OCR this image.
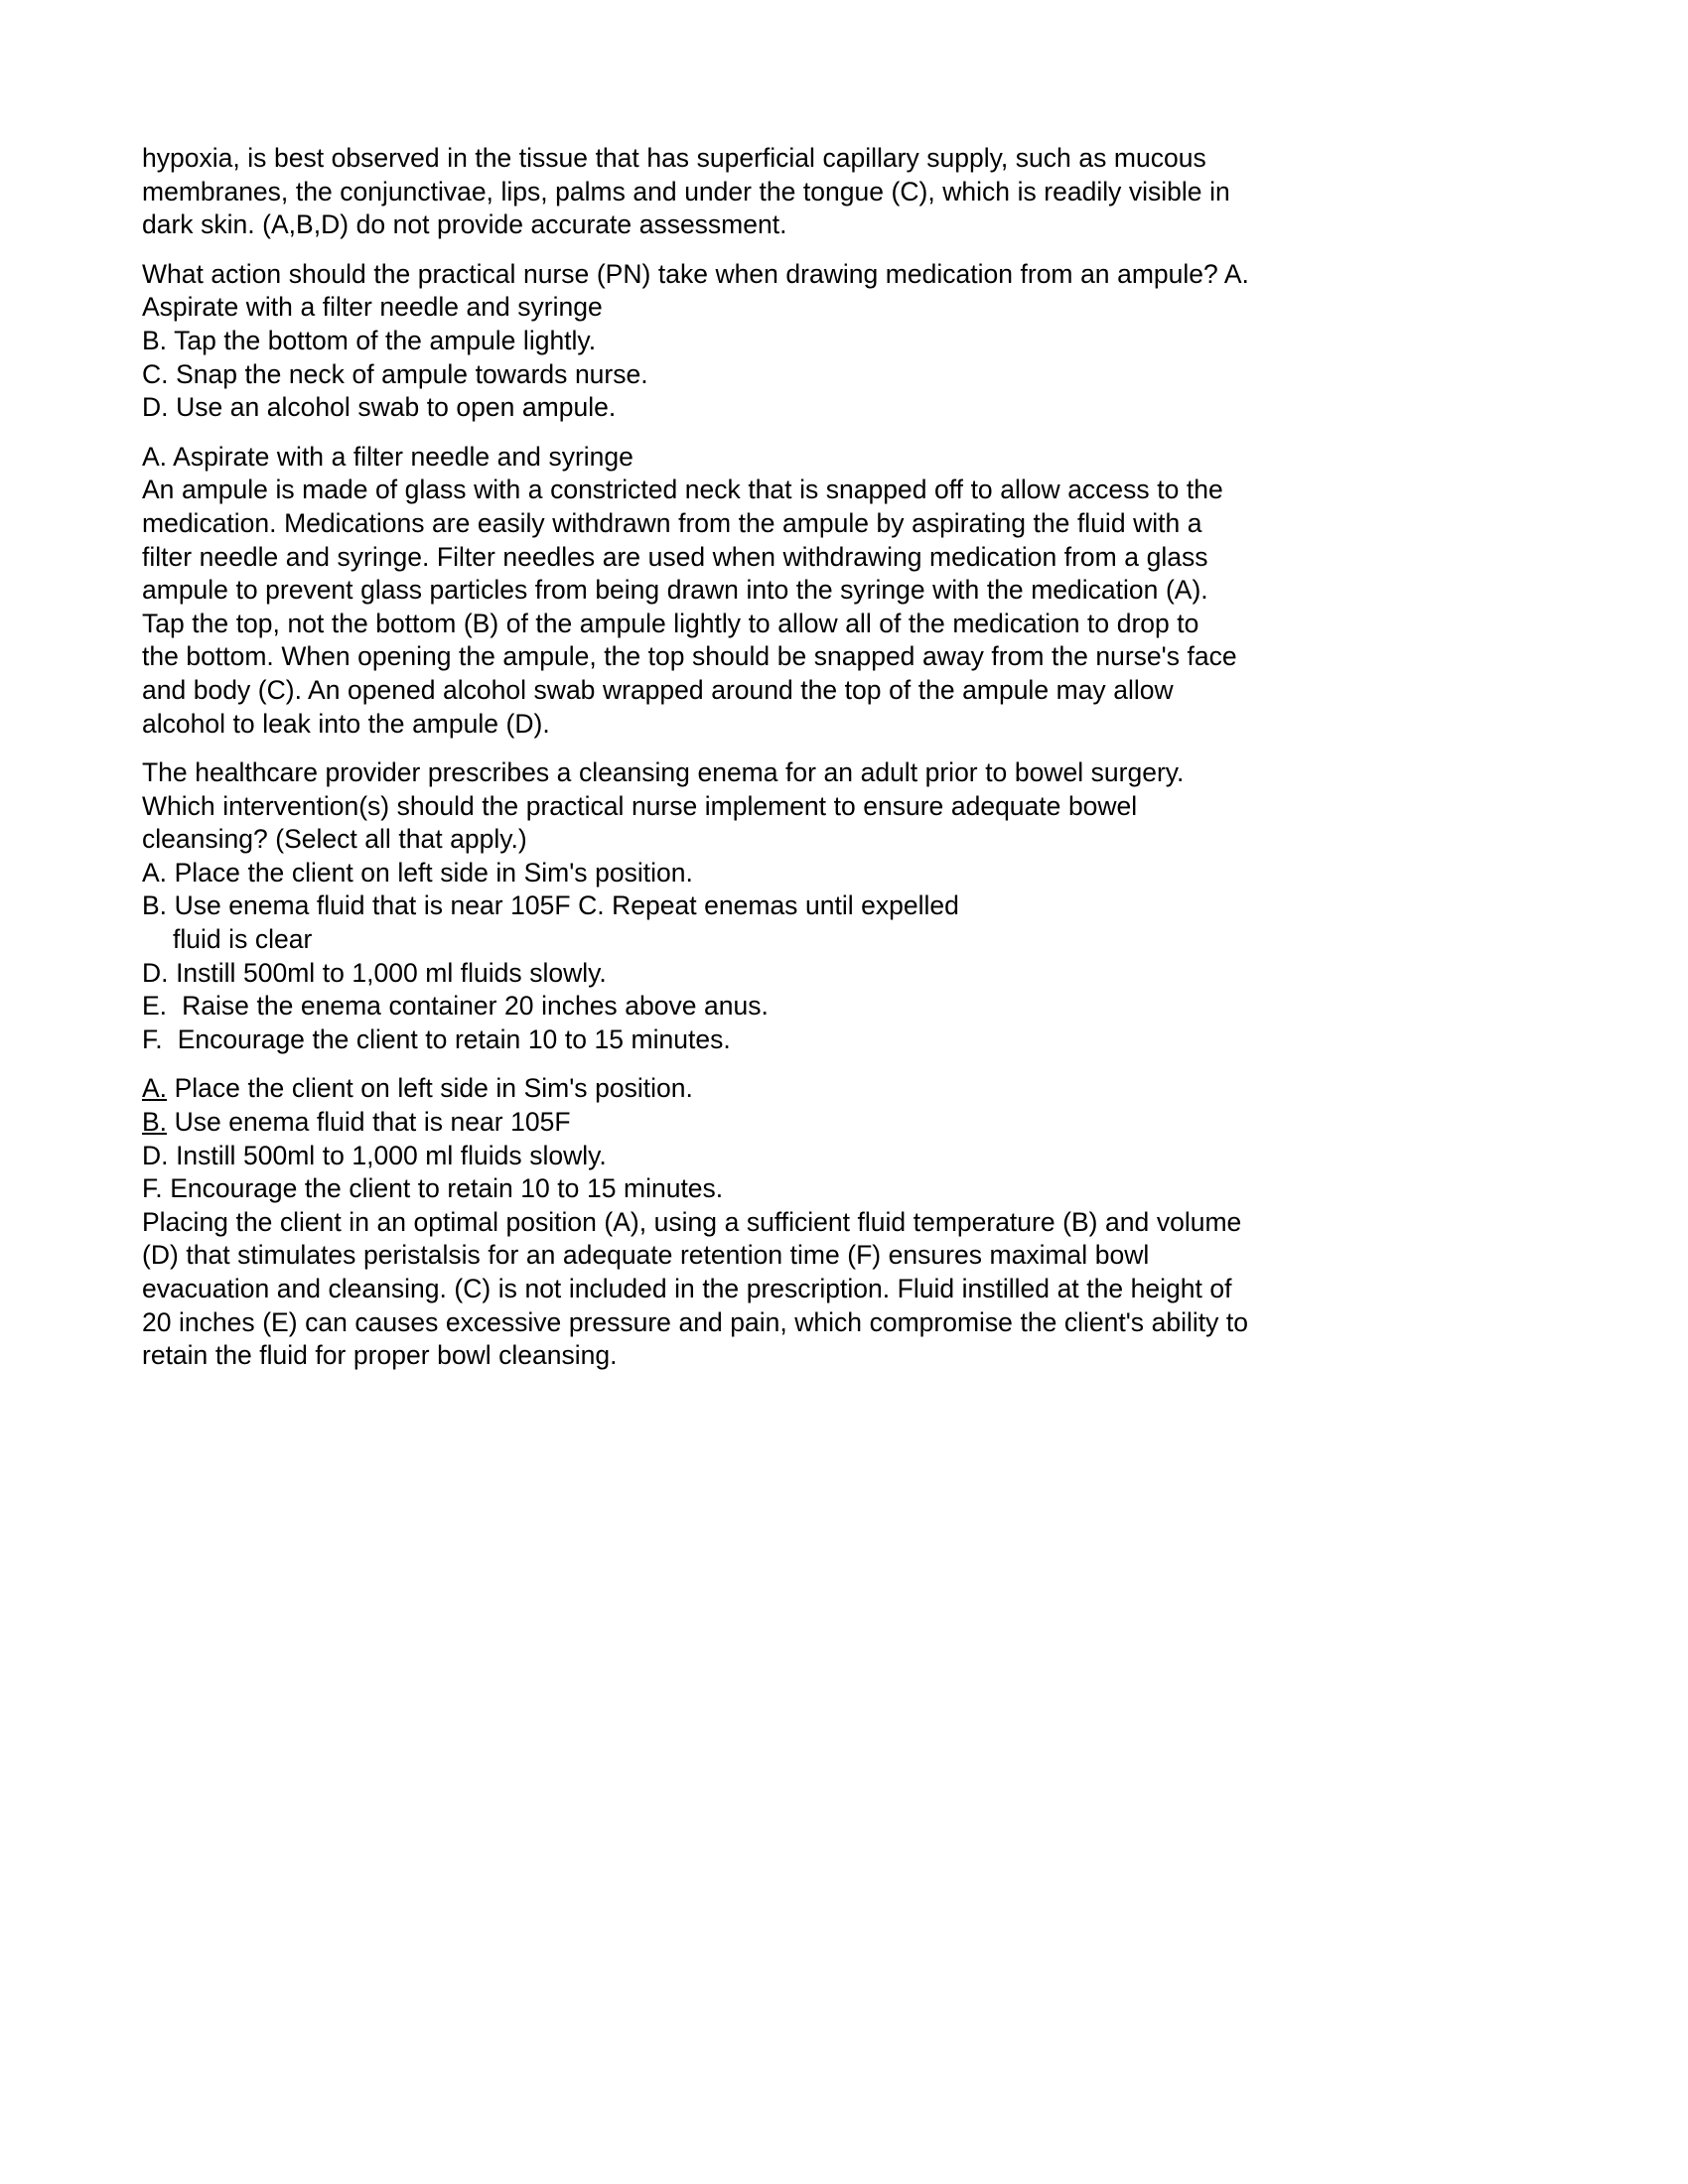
hypoxia, is best observed in the tissue that has superficial capillary supply, such as mucous
membranes, the conjunctivae, lips, palms and under the tongue (C), which is readily visible in
dark skin. (A,B,D) do not provide accurate assessment.

What action should the practical nurse (PN) take when drawing medication from an ampule? A.
Aspirate with a filter needle and syringe
B. Tap the bottom of the ampule lightly.
C. Snap the neck of ampule towards nurse.
D. Use an alcohol swab to open ampule.

A. Aspirate with a filter needle and syringe
An ampule is made of glass with a constricted neck that is snapped off to allow access to the
medication. Medications are easily withdrawn from the ampule by aspirating the fluid with a
filter needle and syringe. Filter needles are used when withdrawing medication from a glass
ampule to prevent glass particles from being drawn into the syringe with the medication (A).
Tap the top, not the bottom (B) of the ampule lightly to allow all of the medication to drop to
the bottom. When opening the ampule, the top should be snapped away from the nurse's face
and body (C). An opened alcohol swab wrapped around the top of the ampule may allow
alcohol to leak into the ampule (D).

The healthcare provider prescribes a cleansing enema for an adult prior to bowel surgery.
Which intervention(s) should the practical nurse implement to ensure adequate bowel
cleansing? (Select all that apply.)
A. Place the client on left side in Sim's position.
B. Use enema fluid that is near 105F C. Repeat enemas until expelled
fluid is clear
D. Instill 500ml to 1,000 ml fluids slowly.
E.  Raise the enema container 20 inches above anus.
F.  Encourage the client to retain 10 to 15 minutes.

A. Place the client on left side in Sim's position.
B. Use enema fluid that is near 105F
D. Instill 500ml to 1,000 ml fluids slowly.
F. Encourage the client to retain 10 to 15 minutes.
Placing the client in an optimal position (A), using a sufficient fluid temperature (B) and volume
(D) that stimulates peristalsis for an adequate retention time (F) ensures maximal bowl
evacuation and cleansing. (C) is not included in the prescription. Fluid instilled at the height of
20 inches (E) can causes excessive pressure and pain, which compromise the client's ability to
retain the fluid for proper bowl cleansing.
